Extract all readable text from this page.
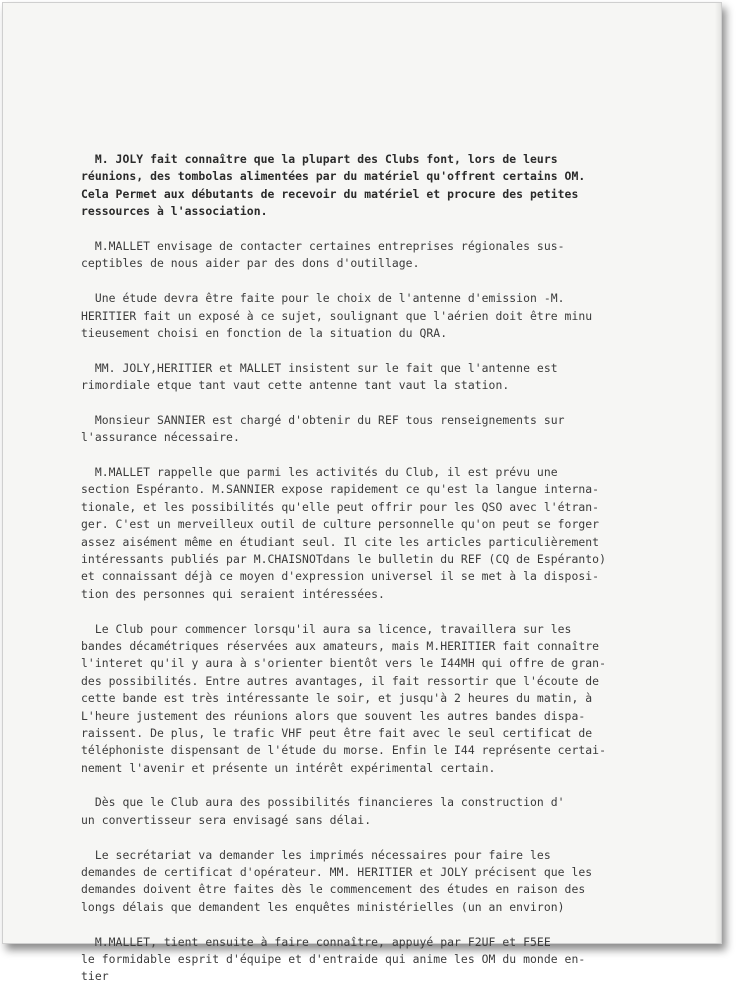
M. JOLY fait connaître que la plupart des Clubs font, lors de leurs
réunions, des tombolas alimentées par du matériel qu'offrent certains OM.
Cela Permet aux débutants de recevoir du matériel et procure des petites
ressources à l'association.
M.MALLET envisage de contacter certaines entreprises régionales sus-
ceptibles de nous aider par des dons d'outillage.
Une étude devra être faite pour le choix de l'antenne d'emission -M.
HERITIER fait un exposé à ce sujet, soulignant que l'aérien doit être minu
tieusement choisi en fonction de la situation du QRA.
MM. JOLY,HERITIER et MALLET insistent sur le fait que l'antenne est
rimordiale etque tant vaut cette antenne tant vaut la station.
Monsieur SANNIER est chargé d'obtenir du REF tous renseignements sur
l'assurance nécessaire.
M.MALLET rappelle que parmi les activités du Club, il est prévu une
section Espéranto. M.SANNIER expose rapidement ce qu'est la langue interna-
tionale, et les possibilités qu'elle peut offrir pour les QSO avec l'étran-
ger. C'est un merveilleux outil de culture personnelle qu'on peut se forger
assez aisément même en étudiant seul. Il cite les articles particulièrement
intéressants publiés par M.CHAISNOTdans le bulletin du REF (CQ de Espéranto)
et connaissant déjà ce moyen d'expression universel il se met à la disposi-
tion des personnes qui seraient intéressées.
Le Club pour commencer lorsqu'il aura sa licence, travaillera sur les
bandes décamétriques réservées aux amateurs, mais M.HERITIER fait connaître
l'interet qu'il y aura à s'orienter bientôt vers le I44MH qui offre de gran-
des possibilités. Entre autres avantages, il fait ressortir que l'écoute de
cette bande est très intéressante le soir, et jusqu'à 2 heures du matin, à
L'heure justement des réunions alors que souvent les autres bandes dispa-
raissent. De plus, le trafic VHF peut être fait avec le seul certificat de
téléphoniste dispensant de l'étude du morse. Enfin le I44 représente certai-
nement l'avenir et présente un intérêt expérimental certain.
Dès que le Club aura des possibilités financieres la construction d'
un convertisseur sera envisagé sans délai.
Le secrétariat va demander les imprimés nécessaires pour faire les
demandes de certificat d'opérateur. MM. HERITIER et JOLY précisent que les
demandes doivent être faites dès le commencement des études en raison des
longs délais que demandent les enquêtes ministérielles (un an environ)
M.MALLET, tient ensuite à faire connaître, appuyé par F2UF et F5EE
le formidable esprit d'équipe et d'entraide qui anime les OM du monde en-
tier
